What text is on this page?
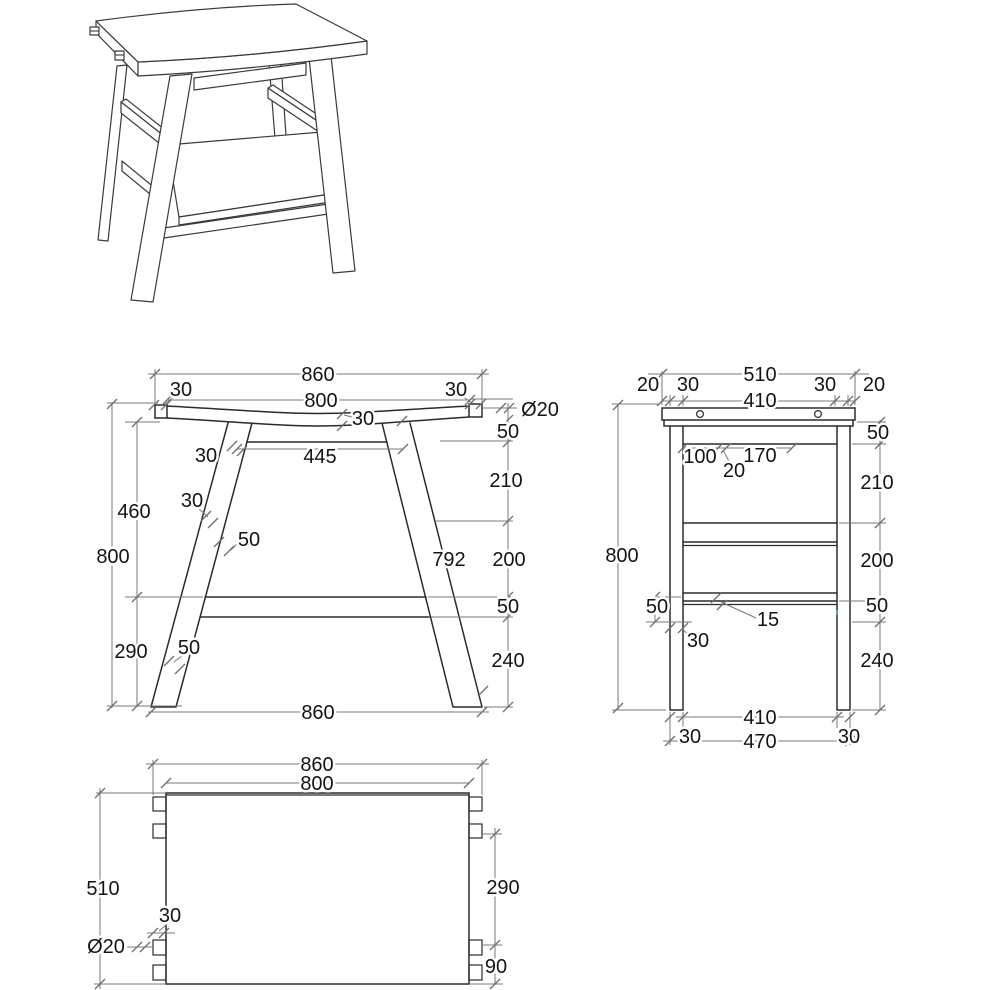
860
800
30	30
Ø20
30
445
30
800
460
290
30
50
50
50
210
792 200
50
240
860
20 30 510 30 20
410
800
100 170
20
50
210
200
50
240
50
30
15
410
30	30
470
860
800
510	290
30
Ø20
90
